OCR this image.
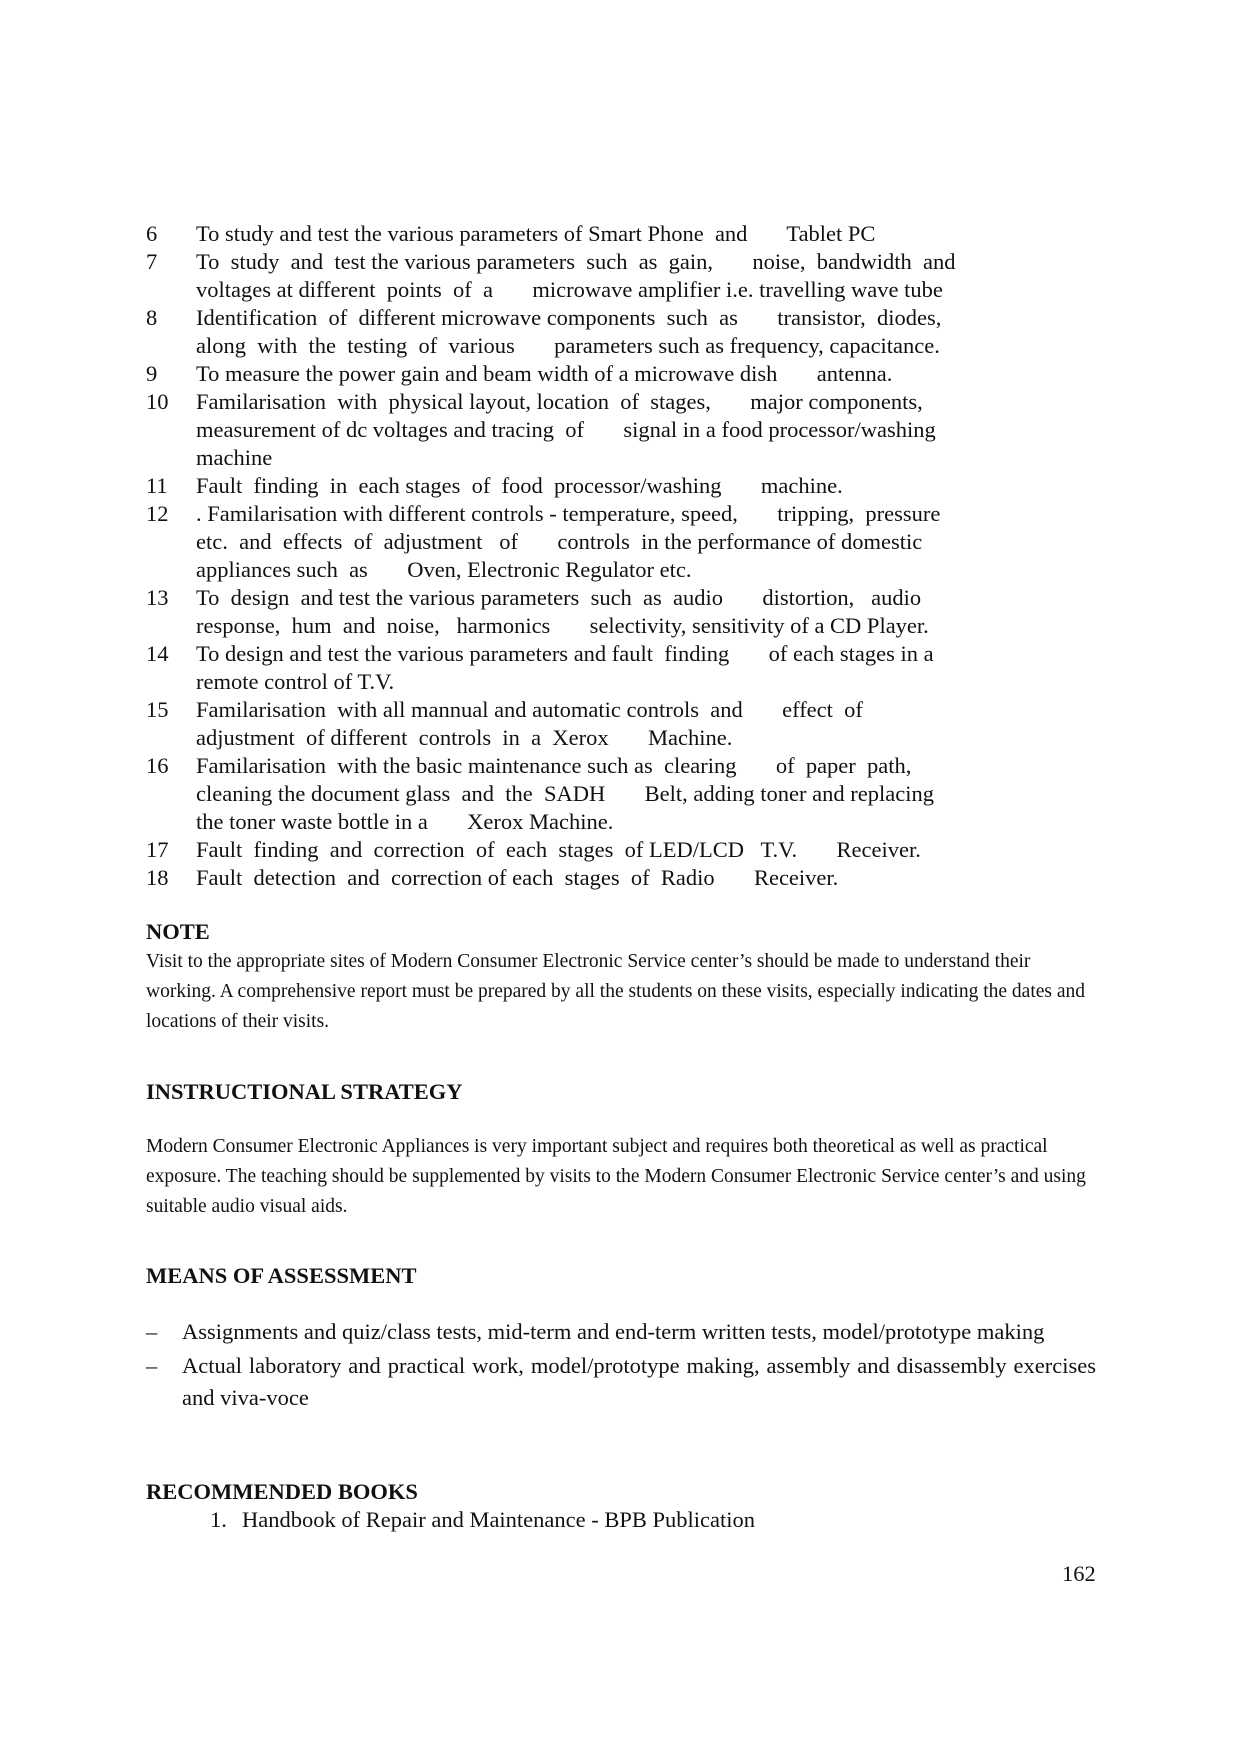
6	To study and test the various parameters of Smart Phone  and       Tablet PC
7	To  study  and  test the various parameters  such  as  gain,       noise,  bandwidth  and
voltages at different  points  of  a       microwave amplifier i.e. travelling wave tube
8	Identification  of  different microwave components  such  as       transistor,  diodes,
along  with  the  testing  of  various       parameters such as frequency, capacitance.
9	To measure the power gain and beam width of a microwave dish       antenna.
10	Familarisation  with  physical layout, location  of  stages,       major components,
measurement of dc voltages and tracing  of       signal in a food processor/washing
machine
11	Fault  finding  in  each stages  of  food  processor/washing       machine.
12	. Familarisation with different controls - temperature, speed,       tripping,  pressure
etc.  and  effects  of  adjustment   of       controls  in the performance of domestic
appliances such  as       Oven, Electronic Regulator etc.
13	To  design  and test the various parameters  such  as  audio       distortion,   audio
response,  hum  and  noise,   harmonics       selectivity, sensitivity of a CD Player.
14	To design and test the various parameters and fault  finding       of each stages in a
remote control of T.V.
15	Familarisation  with all mannual and automatic controls  and       effect  of
adjustment  of different  controls  in  a  Xerox       Machine.
16	Familarisation  with the basic maintenance such as  clearing       of  paper  path,
cleaning the document glass  and  the  SADH       Belt, adding toner and replacing
the toner waste bottle in a       Xerox Machine.
17	Fault  finding  and  correction  of  each  stages  of LED/LCD   T.V.       Receiver.
18	Fault  detection  and  correction of each  stages  of  Radio       Receiver.
NOTE

Visit to the appropriate sites of Modern Consumer Electronic Service center’s should be made to understand their working. A comprehensive report must be prepared by all the students on these visits, especially indicating the dates and locations of their visits.

INSTRUCTIONAL STRATEGY

Modern Consumer Electronic Appliances is very important subject and requires both theoretical as well as practical exposure. The teaching should be supplemented by visits to the Modern Consumer Electronic Service center’s and using suitable audio visual aids.

MEANS OF ASSESSMENT
–	Assignments and quiz/class tests, mid-term and end-term written tests, model/prototype making
–	Actual laboratory and practical work, model/prototype making, assembly and disassembly exercises and viva-voce
RECOMMENDED BOOKS
1. Handbook of Repair and Maintenance - BPB Publication
162
